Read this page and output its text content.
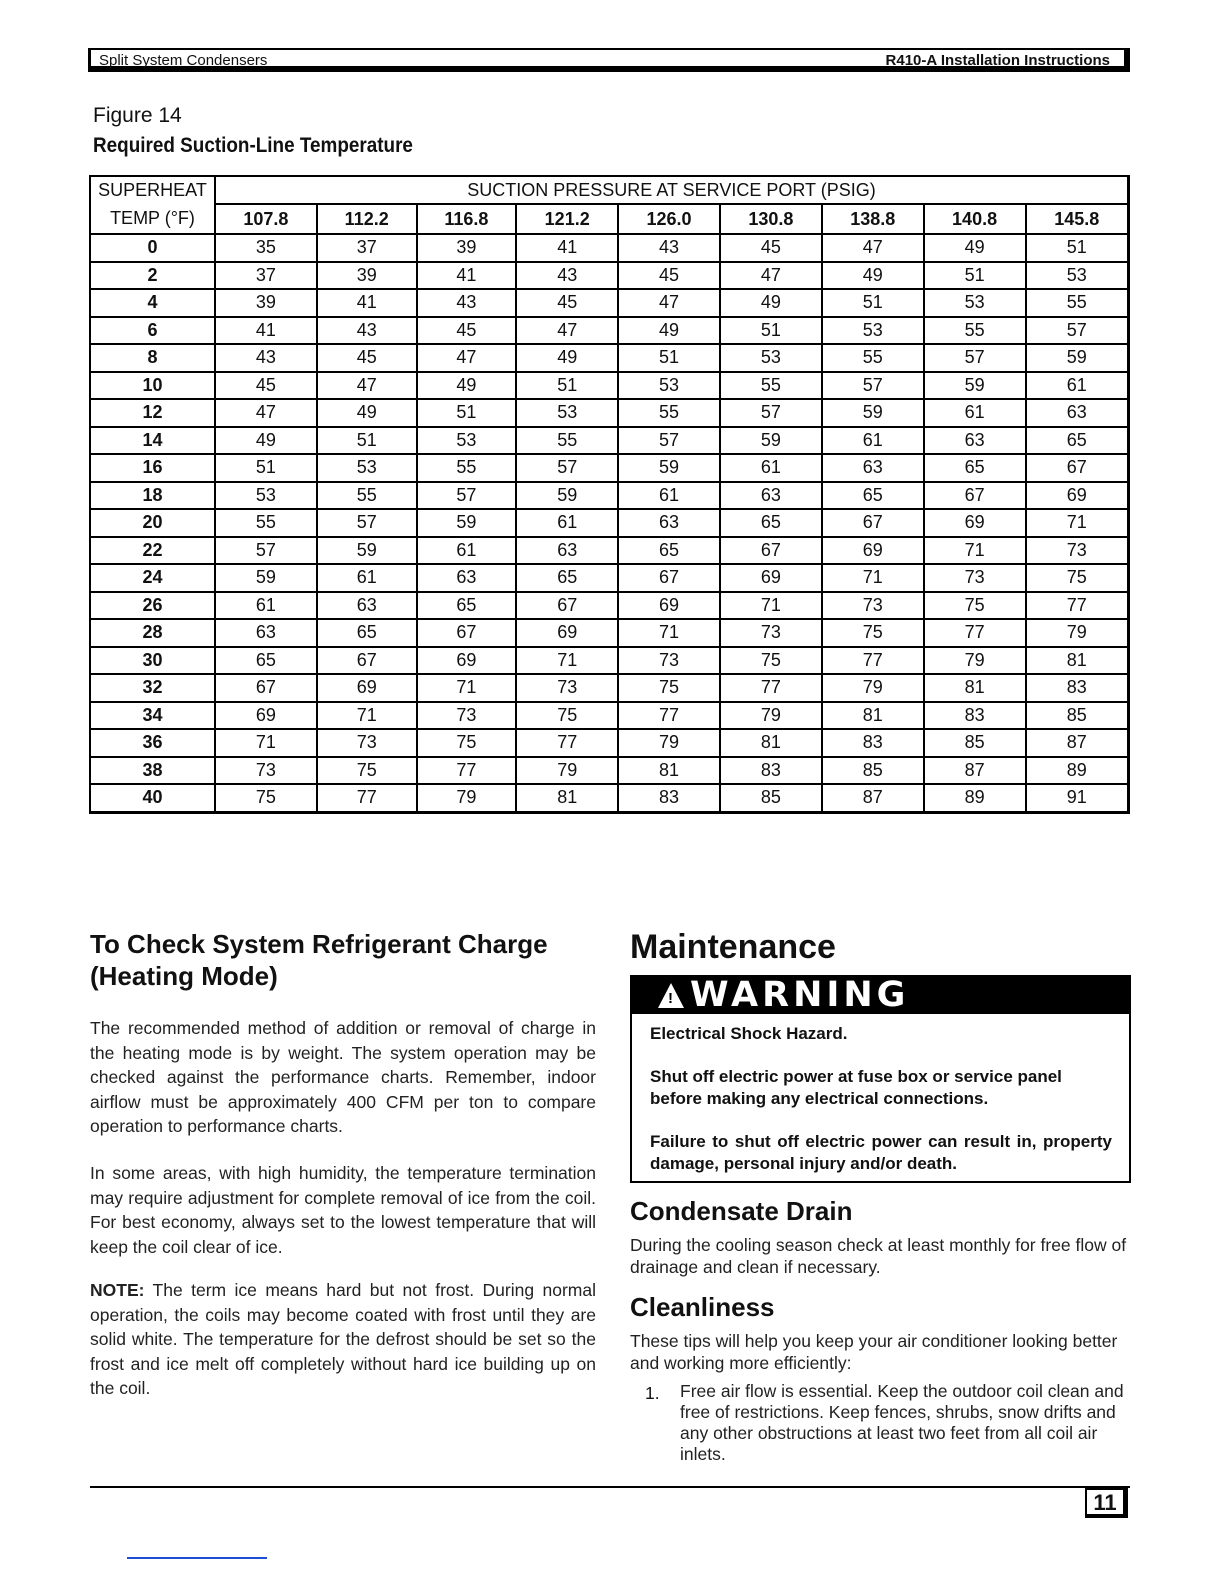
Split System Condensers	R410-A Installation Instructions
Figure 14
Required Suction-Line Temperature
SUPERHEAT	SUCTION PRESSURE AT SERVICE PORT (PSIG)								
TEMP (°F)	107.8	112.2	116.8	121.2	126.0	130.8	138.8	140.8	145.8
0	35	37	39	41	43	45	47	49	51
2	37	39	41	43	45	47	49	51	53
4	39	41	43	45	47	49	51	53	55
6	41	43	45	47	49	51	53	55	57
8	43	45	47	49	51	53	55	57	59
10	45	47	49	51	53	55	57	59	61
12	47	49	51	53	55	57	59	61	63
14	49	51	53	55	57	59	61	63	65
16	51	53	55	57	59	61	63	65	67
18	53	55	57	59	61	63	65	67	69
20	55	57	59	61	63	65	67	69	71
22	57	59	61	63	65	67	69	71	73
24	59	61	63	65	67	69	71	73	75
26	61	63	65	67	69	71	73	75	77
28	63	65	67	69	71	73	75	77	79
30	65	67	69	71	73	75	77	79	81
32	67	69	71	73	75	77	79	81	83
34	69	71	73	75	77	79	81	83	85
36	71	73	75	77	79	81	83	85	87
38	73	75	77	79	81	83	85	87	89
40	75	77	79	81	83	85	87	89	91
To Check System Refrigerant Charge
(Heating Mode)

The recommended method of addition or removal of charge in the heating mode is by weight. The system operation may be checked against the performance charts. Remember, indoor airflow must be approximately 400 CFM per ton to compare operation to performance charts.

In some areas, with high humidity, the temperature termination may require adjustment for complete removal of ice from the coil. For best economy, always set to the lowest temperature that will keep the coil clear of ice.

NOTE: The term ice means hard but not frost. During normal operation, the coils may become coated with frost until they are solid white. The temperature for the defrost should be set so the frost and ice melt off completely without hard ice building up on the coil.

Maintenance
! WARNING
Electrical Shock Hazard.
Shut off electric power at fuse box or service panel before making any electrical connections.
Failure to shut off electric power can result in, property damage, personal injury and/or death.
Condensate Drain
During the cooling season check at least monthly for free flow of drainage and clean if necessary.
Cleanliness
These tips will help you keep your air conditioner looking better and working more efficiently:
1. Free air flow is essential. Keep the outdoor coil clean and free of restrictions. Keep fences, shrubs, snow drifts and any other obstructions at least two feet from all coil air inlets.
11
